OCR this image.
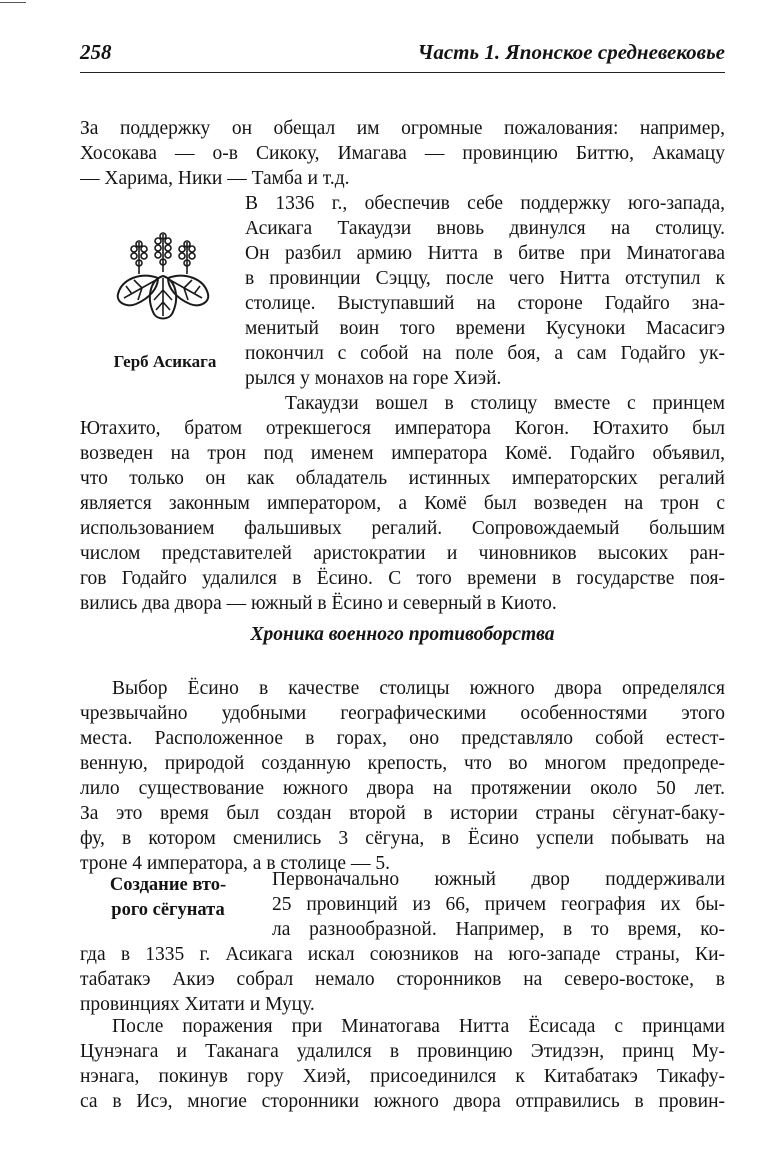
258	Часть 1. Японское средневековье
За поддержку он обещал им огромные пожалования: например,
Хосокава — о-в Сикоку, Имагава — провинцию Биттю, Акамацу
— Харима, Ники — Тамба и т.д.
Герб Асикага
В 1336 г., обеспечив себе поддержку юго-запада,
Асикага Такаудзи вновь двинулся на столицу.
Он разбил армию Нитта в битве при Минатогава
в провинции Сэццу, после чего Нитта отступил к
столице. Выступавший на стороне Годайго зна-
менитый воин того времени Кусуноки Масасигэ
покончил с собой на поле боя, а сам Годайго ук-
рылся у монахов на горе Хиэй.
Такаудзи вошел в столицу вместе с принцем
Ютахито, братом отрекшегося императора Когон. Ютахито был
возведен на трон под именем императора Комё. Годайго объявил,
что только он как обладатель истинных императорских регалий
является законным императором, а Комё был возведен на трон с
использованием фальшивых регалий. Сопровождаемый большим
числом представителей аристократии и чиновников высоких ран-
гов Годайго удалился в Ёсино. С того времени в государстве поя-
вились два двора — южный в Ёсино и северный в Киото.
Хроника военного противоборства
Выбор Ёсино в качестве столицы южного двора определялся
чрезвычайно удобными географическими особенностями этого
места. Расположенное в горах, оно представляло собой естест-
венную, природой созданную крепость, что во многом предопреде-
лило существование южного двора на протяжении около 50 лет.
За это время был создан второй в истории страны сёгунат-баку-
фу, в котором сменились 3 сёгуна, в Ёсино успели побывать на
троне 4 императора, а в столице — 5.
Создание вто-
рого сёгуната
Первоначально южный двор поддерживали
25 провинций из 66, причем география их бы-
ла разнообразной. Например, в то время, ко-
гда в 1335 г. Асикага искал союзников на юго-западе страны, Ки-
табатакэ Акиэ собрал немало сторонников на северо-востоке, в
провинциях Хитати и Муцу.
После поражения при Минатогава Нитта Ёсисада с принцами
Цунэнага и Таканага удалился в провинцию Этидзэн, принц Му-
нэнага, покинув гору Хиэй, присоединился к Китабатакэ Тикафу-
са в Исэ, многие сторонники южного двора отправились в провин-
